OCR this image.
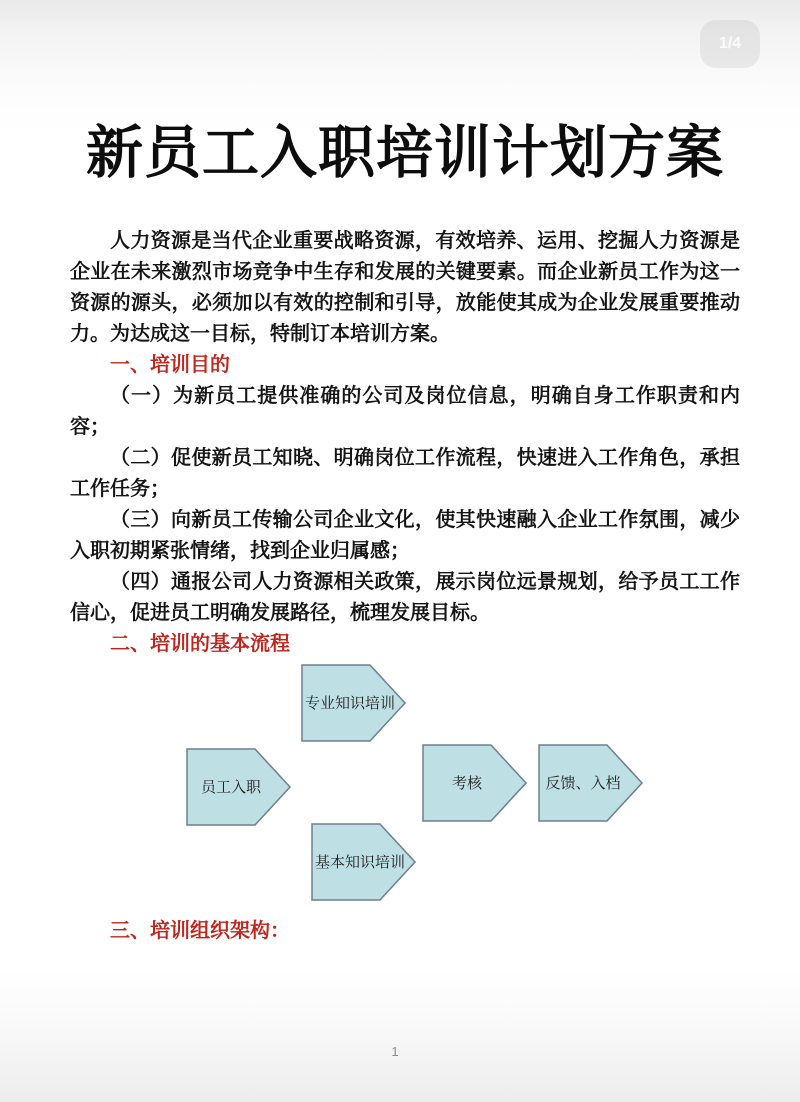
1/4
新员工入职培训计划方案

人力资源是当代企业重要战略资源，有效培养、运用、挖掘人力资源是企业在未来激烈市场竞争中生存和发展的关键要素。而企业新员工作为这一资源的源头，必须加以有效的控制和引导，放能使其成为企业发展重要推动力。为达成这一目标，特制订本培训方案。

一、培训目的

（一）为新员工提供准确的公司及岗位信息，明确自身工作职责和内容；

（二）促使新员工知晓、明确岗位工作流程，快速进入工作角色，承担工作任务；

（三）向新员工传输公司企业文化，使其快速融入企业工作氛围，减少入职初期紧张情绪，找到企业归属感；

（四）通报公司人力资源相关政策，展示岗位远景规划，给予员工工作信心，促进员工明确发展路径，梳理发展目标。

二、培训的基本流程
员工入职
专业知识培训
基本知识培训
考核	反馈、入档
三、培训组织架构：
1
